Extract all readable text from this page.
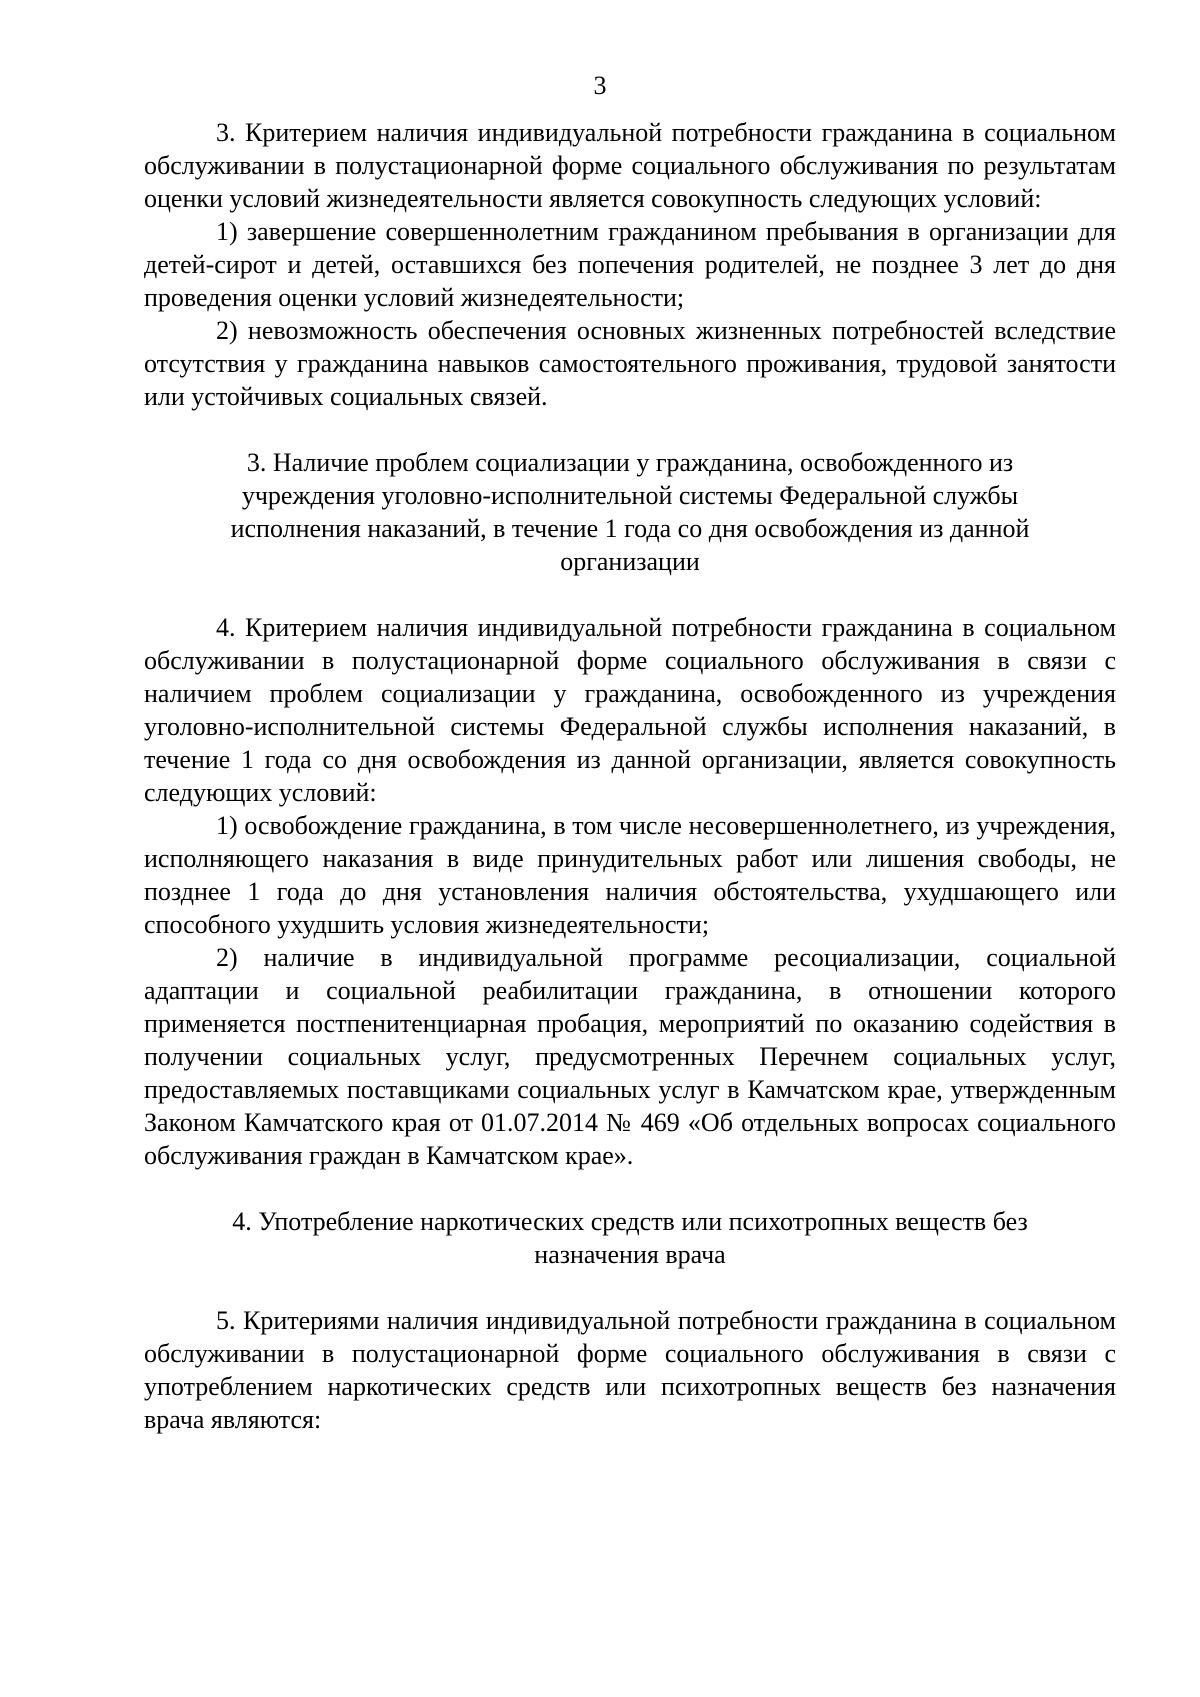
3

3. Критерием наличия индивидуальной потребности гражданина в социальном обслуживании в полустационарной форме социального обслуживания по результатам оценки условий жизнедеятельности является совокупность следующих условий:

1) завершение совершеннолетним гражданином пребывания в организации для детей-сирот и детей, оставшихся без попечения родителей, не позднее 3 лет до дня проведения оценки условий жизнедеятельности;

2) невозможность обеспечения основных жизненных потребностей вследствие отсутствия у гражданина навыков самостоятельного проживания, трудовой занятости или устойчивых социальных связей.

3. Наличие проблем социализации у гражданина, освобожденного из учреждения уголовно-исполнительной системы Федеральной службы исполнения наказаний, в течение 1 года со дня освобождения из данной организации

4. Критерием наличия индивидуальной потребности гражданина в социальном обслуживании в полустационарной форме социального обслуживания в связи с наличием проблем социализации у гражданина, освобожденного из учреждения уголовно-исполнительной системы Федеральной службы исполнения наказаний, в течение 1 года со дня освобождения из данной организации, является совокупность следующих условий:

1) освобождение гражданина, в том числе несовершеннолетнего, из учреждения, исполняющего наказания в виде принудительных работ или лишения свободы, не позднее 1 года до дня установления наличия обстоятельства, ухудшающего или способного ухудшить условия жизнедеятельности;

2) наличие в индивидуальной программе ресоциализации, социальной адаптации и социальной реабилитации гражданина, в отношении которого применяется постпенитенциарная пробация, мероприятий по оказанию содействия в получении социальных услуг, предусмотренных Перечнем социальных услуг, предоставляемых поставщиками социальных услуг в Камчатском крае, утвержденным Законом Камчатского края от 01.07.2014 № 469 «Об отдельных вопросах социального обслуживания граждан в Камчатском крае».

4. Употребление наркотических средств или психотропных веществ без назначения врача

5. Критериями наличия индивидуальной потребности гражданина в социальном обслуживании в полустационарной форме социального обслуживания в связи с употреблением наркотических средств или психотропных веществ без назначения врача являются:
